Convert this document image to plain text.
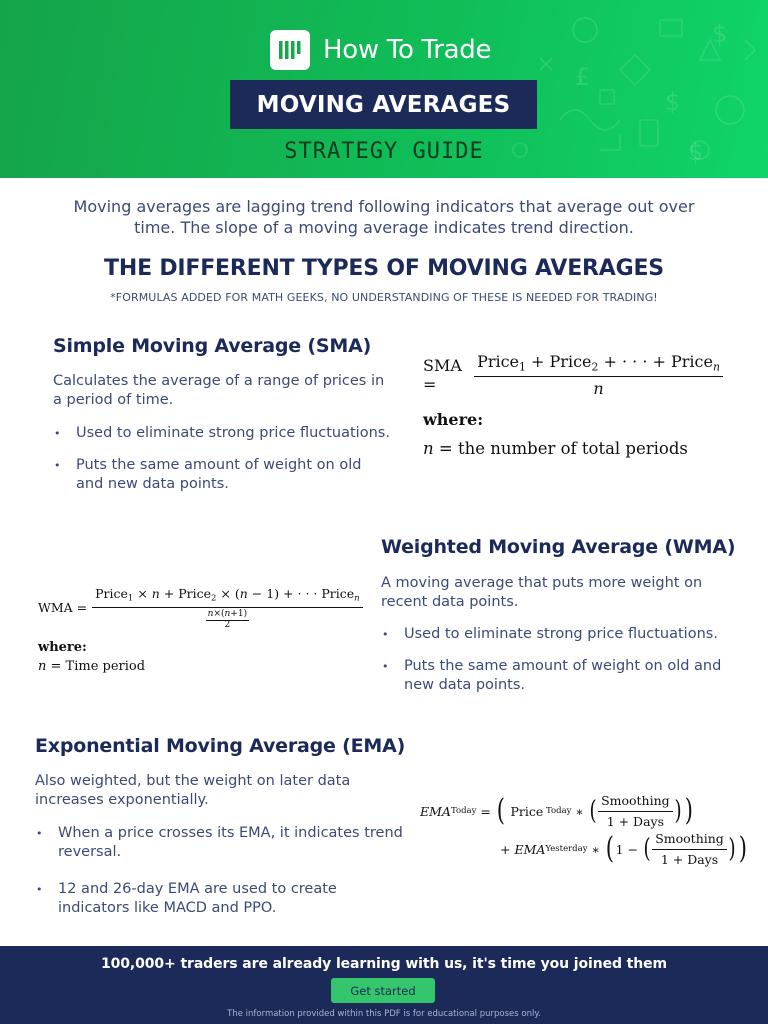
$
$
£
$
How To Trade
MOVING AVERAGES
STRATEGY GUIDE

Moving averages are lagging trend following indicators that average out over time. The slope of a moving average indicates trend direction.

THE DIFFERENT TYPES OF MOVING AVERAGES

*FORMULAS ADDED FOR MATH GEEKS, NO UNDERSTANDING OF THESE IS NEEDED FOR TRADING!

Simple Moving Average (SMA)

Calculates the average of a range of prices in a period of time.

• Used to eliminate strong price fluctuations.
• Puts the same amount of weight on old and new data points.
SMA =	$\frac{Price_1 + Price_2 + \cdot \cdot \cdot + Price_n}{n}$
where:
n = the number of total periods
Weighted Moving Average (WMA)

A moving average that puts more weight on recent data points.

• Used to eliminate strong price fluctuations.
• Puts the same amount of weight on old and new data points.
WMA = Price$_1$ × n + Price$_2$ × (n − 1) + · · · Price$_n$
n×(n+1)
2
where:
n = Time period
Exponential Moving Average (EMA)

Also weighted, but the weight on later data increases exponentially.

• When a price crosses its EMA, it indicates trend reversal.
• 12 and 26-day EMA are used to create indicators like MACD and PPO.
EMA Today = ( Price Today ∗ ( $\frac{\text{Smoothing}}{\text{1 + Days}}$ ) )
+ EMA Yesterday ∗ ( 1 − ( $\frac{\text{Smoothing}}{\text{1 + Days}}$ ) )
100,000+ traders are already learning with us, it's time you joined them
Get started
The information provided within this PDF is for educational purposes only.
